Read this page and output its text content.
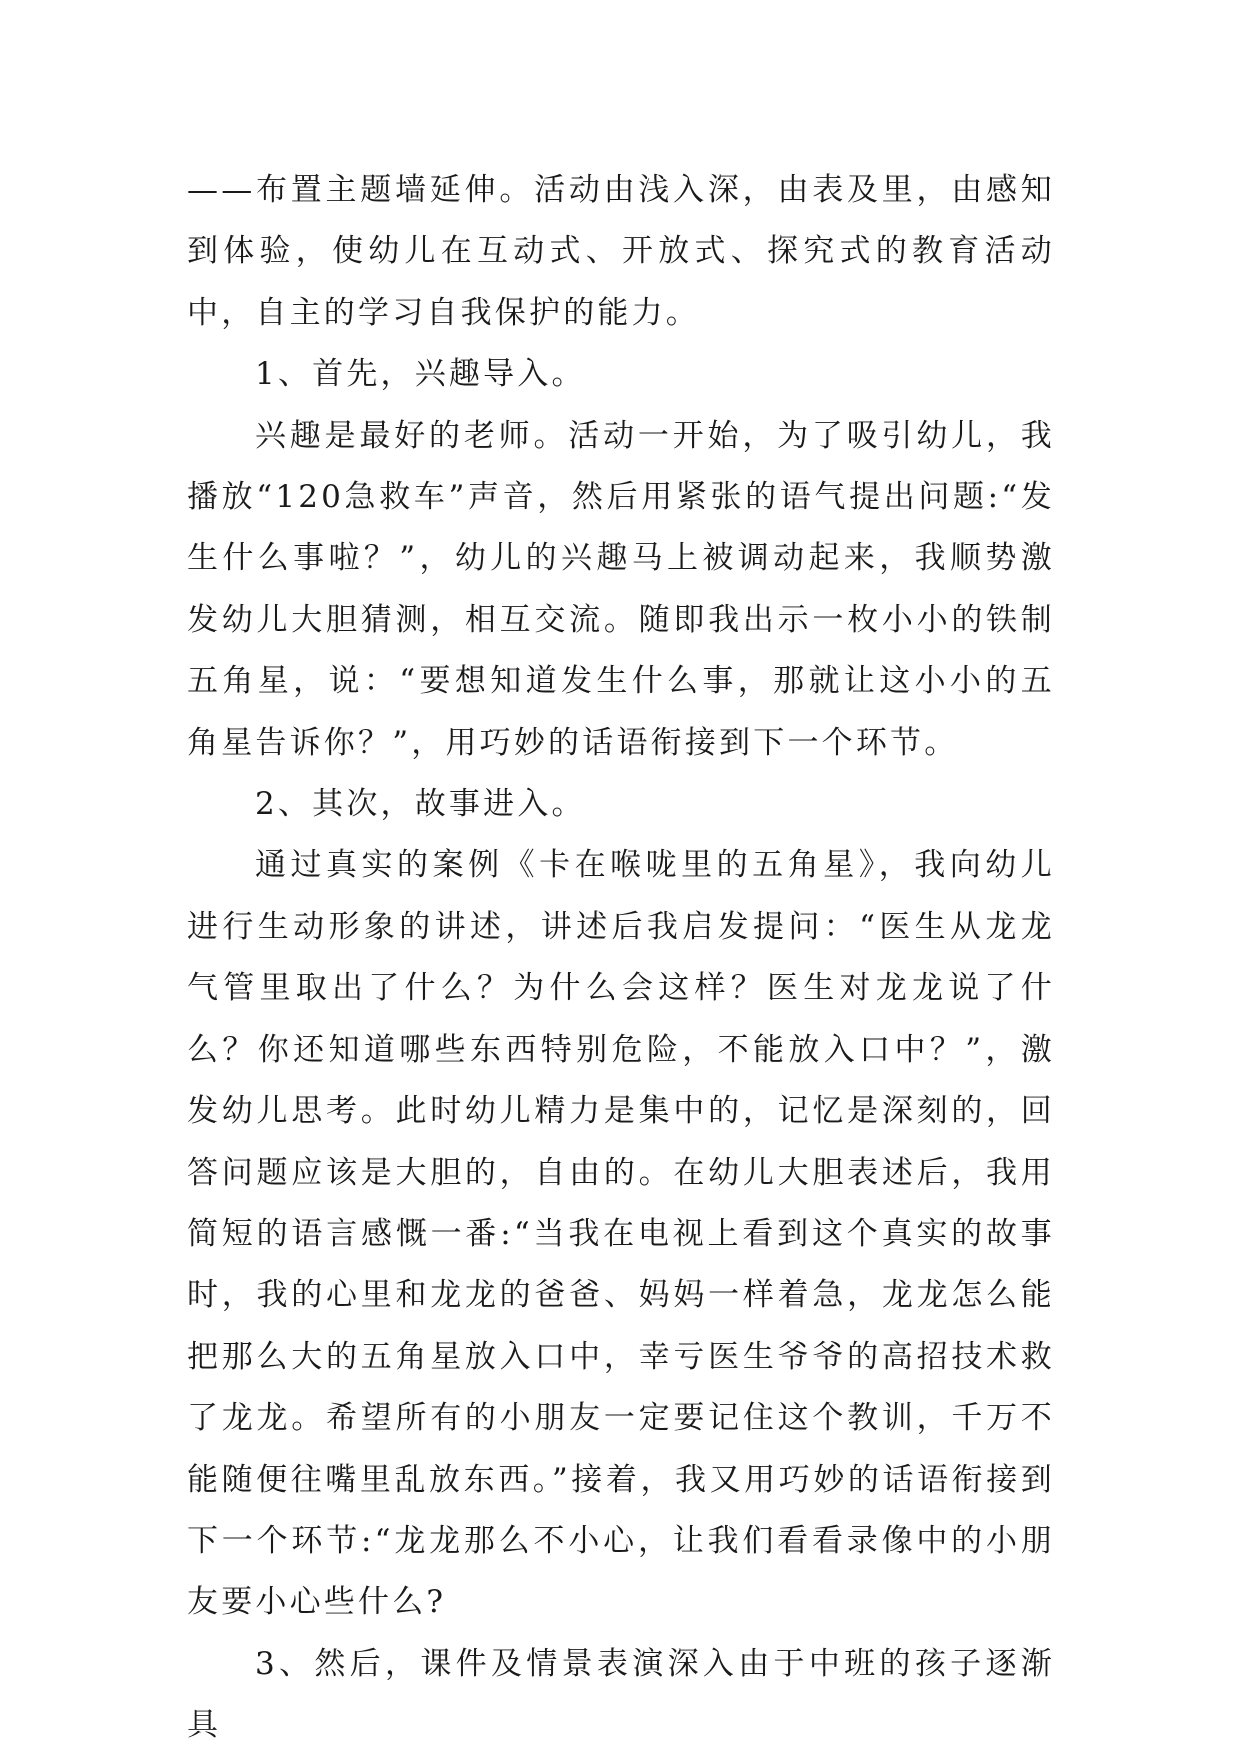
——布置主题墙延伸。活动由浅入深，由表及里，由感知到体验，使幼儿在互动式、开放式、探究式的教育活动中，自主的学习自我保护的能力。

1、首先，兴趣导入。

兴趣是最好的老师。活动一开始，为了吸引幼儿，我播放“120急救车”声音，然后用紧张的语气提出问题:“发生什么事啦？”，幼儿的兴趣马上被调动起来，我顺势激发幼儿大胆猜测，相互交流。随即我出示一枚小小的铁制五角星，说：“要想知道发生什么事，那就让这小小的五角星告诉你？”，用巧妙的话语衔接到下一个环节。

2、其次，故事进入。

通过真实的案例《卡在喉咙里的五角星》，我向幼儿进行生动形象的讲述，讲述后我启发提问：“医生从龙龙气管里取出了什么？为什么会这样？医生对龙龙说了什么？你还知道哪些东西特别危险，不能放入口中？”，激发幼儿思考。此时幼儿精力是集中的，记忆是深刻的，回答问题应该是大胆的，自由的。在幼儿大胆表述后，我用简短的语言感慨一番:“当我在电视上看到这个真实的故事时，我的心里和龙龙的爸爸、妈妈一样着急，龙龙怎么能把那么大的五角星放入口中，幸亏医生爷爷的高招技术救了龙龙。希望所有的小朋友一定要记住这个教训，千万不能随便往嘴里乱放东西。”接着，我又用巧妙的话语衔接到下一个环节:“龙龙那么不小心，让我们看看录像中的小朋友要小心些什么?

3、然后，课件及情景表演深入由于中班的孩子逐渐具
